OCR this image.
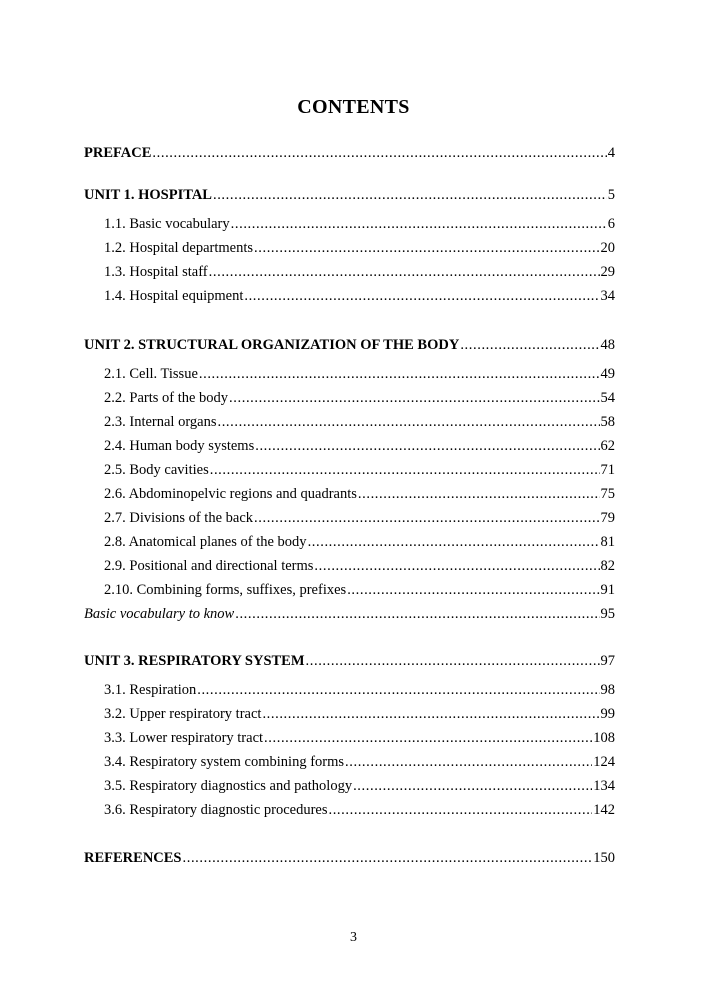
CONTENTS
PREFACE .....	4
UNIT 1. HOSPITAL .....	5
1.1. Basic vocabulary .....	6
1.2. Hospital departments .....	20
1.3. Hospital staff .....	29
1.4. Hospital equipment .....	34
UNIT 2. STRUCTURAL ORGANIZATION OF THE BODY .....	48
2.1. Cell. Tissue .....	49
2.2. Parts of the body .....	54
2.3. Internal organs .....	58
2.4. Human body systems .....	62
2.5. Body cavities .....	71
2.6. Abdominopelvic regions and quadrants .....	75
2.7. Divisions of the back .....	79
2.8. Anatomical planes of the body .....	81
2.9. Positional and directional terms .....	82
2.10. Combining forms, suffixes, prefixes .....	91
Basic vocabulary to know .....	95
UNIT 3. RESPIRATORY SYSTEM .....	97
3.1. Respiration .....	98
3.2. Upper respiratory tract .....	99
3.3. Lower respiratory tract .....	108
3.4. Respiratory system combining forms .....	124
3.5. Respiratory diagnostics and pathology .....	134
3.6. Respiratory diagnostic procedures .....	142
REFERENCES .....	150
3
